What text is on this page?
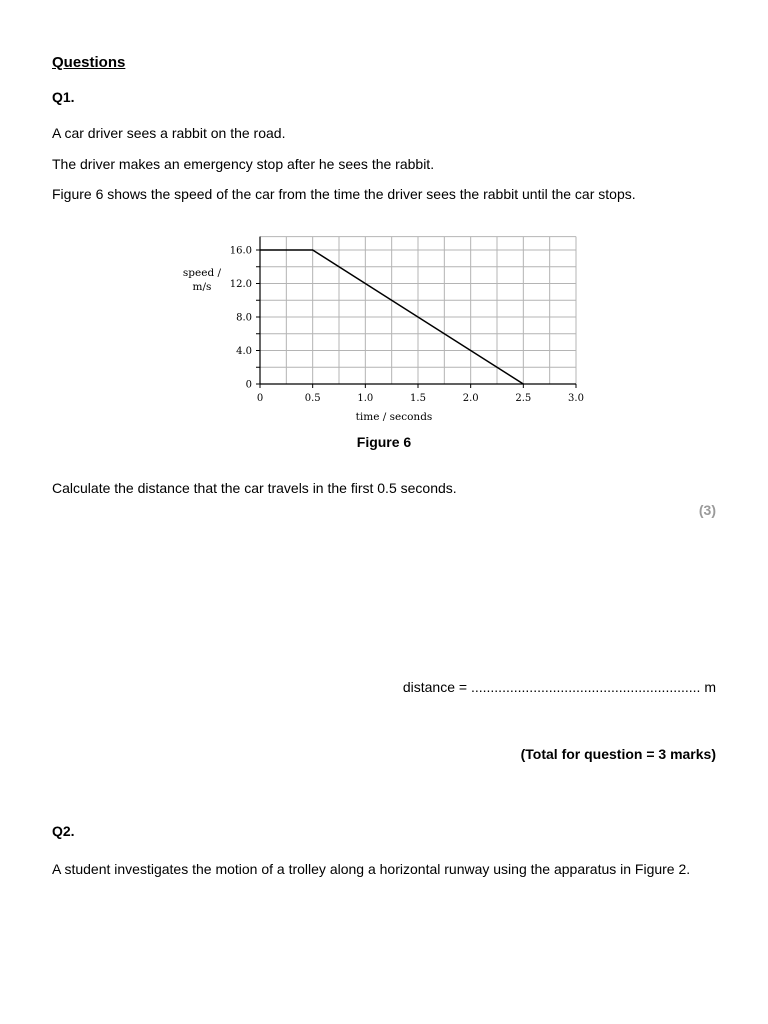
Questions
Q1.
A car driver sees a rabbit on the road.
The driver makes an emergency stop after he sees the rabbit.
Figure 6 shows the speed of the car from the time the driver sees the rabbit until the car stops.
0	0.5	1.0	1.5	2.0	2.5	3.0
0
4.0
8.0
12.0
16.0
speed /
m/s
time / seconds
Figure 6
Calculate the distance that the car travels in the first 0.5 seconds.
(3)
distance = ........................................................... m
(Total for question = 3 marks)
Q2.
A student investigates the motion of a trolley along a horizontal runway using the apparatus in Figure 2.
